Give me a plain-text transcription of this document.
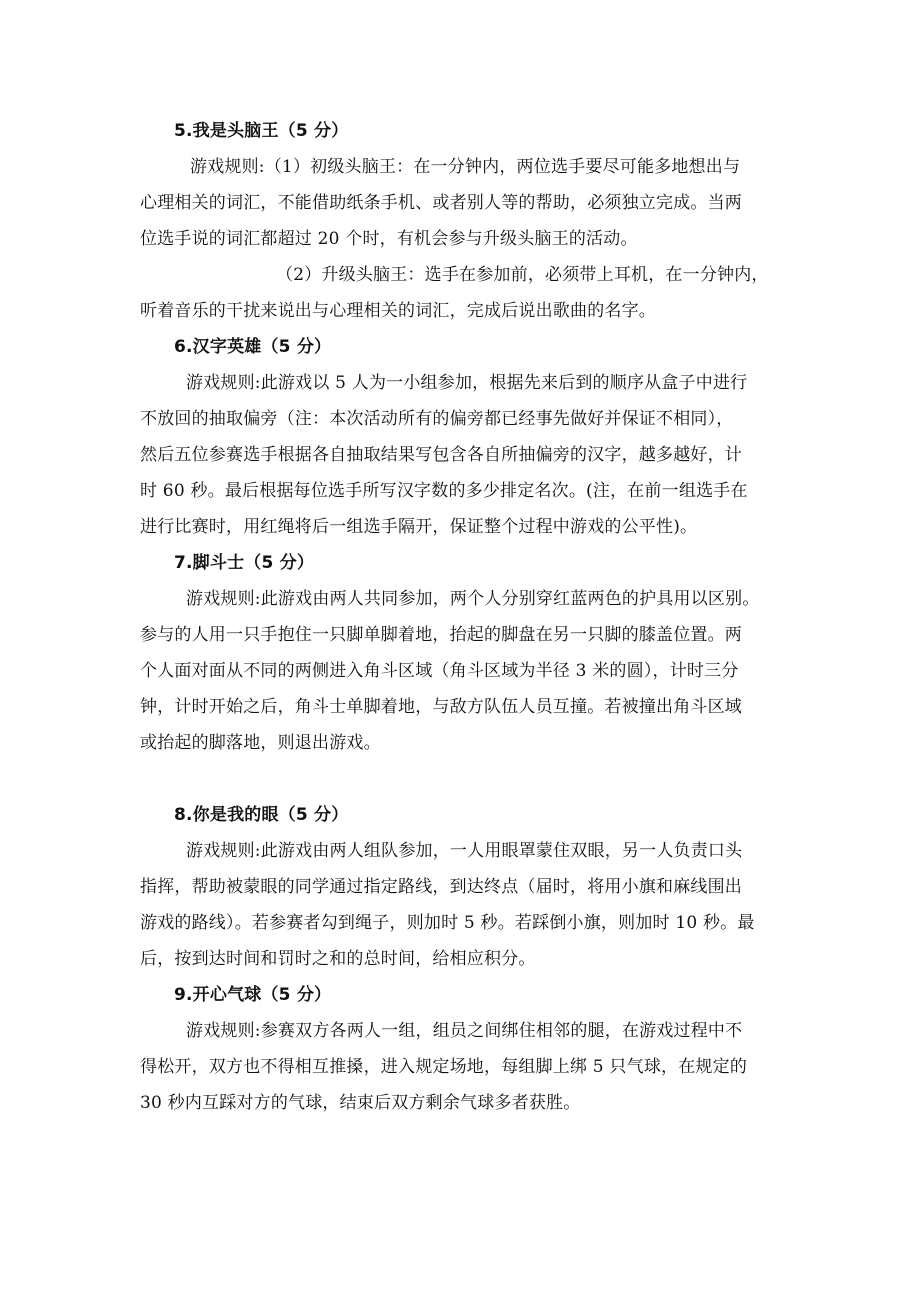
5.我是头脑王（5 分）
游戏规则:（1）初级头脑王：在一分钟内，两位选手要尽可能多地想出与
心理相关的词汇，不能借助纸条手机、或者别人等的帮助，必须独立完成。当两
位选手说的词汇都超过 20 个时，有机会参与升级头脑王的活动。
（2）升级头脑王：选手在参加前，必须带上耳机，在一分钟内，
听着音乐的干扰来说出与心理相关的词汇，完成后说出歌曲的名字。
6.汉字英雄（5 分）
游戏规则:此游戏以 5 人为一小组参加，根据先来后到的顺序从盒子中进行
不放回的抽取偏旁（注：本次活动所有的偏旁都已经事先做好并保证不相同），
然后五位参赛选手根据各自抽取结果写包含各自所抽偏旁的汉字，越多越好，计
时 60 秒。最后根据每位选手所写汉字数的多少排定名次。(注，在前一组选手在
进行比赛时，用红绳将后一组选手隔开，保证整个过程中游戏的公平性)。
7.脚斗士（5 分）
游戏规则:此游戏由两人共同参加，两个人分别穿红蓝两色的护具用以区别。
参与的人用一只手抱住一只脚单脚着地，抬起的脚盘在另一只脚的膝盖位置。两
个人面对面从不同的两侧进入角斗区域（角斗区域为半径 3 米的圆），计时三分
钟，计时开始之后，角斗士单脚着地，与敌方队伍人员互撞。若被撞出角斗区域
或抬起的脚落地，则退出游戏。
8.你是我的眼（5 分）
游戏规则:此游戏由两人组队参加，一人用眼罩蒙住双眼，另一人负责口头
指挥，帮助被蒙眼的同学通过指定路线，到达终点（届时，将用小旗和麻线围出
游戏的路线）。若参赛者勾到绳子，则加时 5 秒。若踩倒小旗，则加时 10 秒。最
后，按到达时间和罚时之和的总时间，给相应积分。
9.开心气球（5 分）
游戏规则:参赛双方各两人一组，组员之间绑住相邻的腿，在游戏过程中不
得松开，双方也不得相互推搡，进入规定场地，每组脚上绑 5 只气球，在规定的
30 秒内互踩对方的气球，结束后双方剩余气球多者获胜。
